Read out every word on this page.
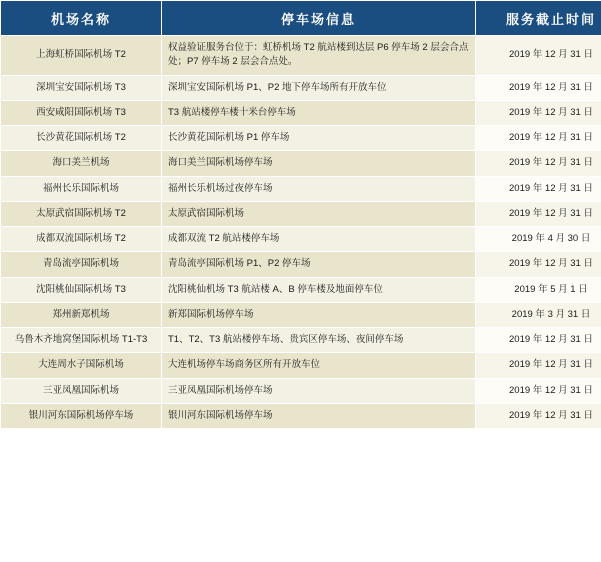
机场名称	停车场信息	服务截止时间
上海虹桥国际机场 T2	权益验证服务台位于：虹桥机场 T2 航站楼到达层 P6 停车场 2 层会合点处；P7 停车场 2 层会合点处。	2019 年 12 月 31 日
深圳宝安国际机场 T3	深圳宝安国际机场 P1、P2 地下停车场所有开放车位	2019 年 12 月 31 日
西安咸阳国际机场 T3	T3 航站楼停车楼十米台停车场	2019 年 12 月 31 日
长沙黄花国际机场 T2	长沙黄花国际机场 P1 停车场	2019 年 12 月 31 日
海口美兰机场	海口美兰国际机场停车场	2019 年 12 月 31 日
福州长乐国际机场	福州长乐机场过夜停车场	2019 年 12 月 31 日
太原武宿国际机场 T2	太原武宿国际机场	2019 年 12 月 31 日
成都双流国际机场 T2	成都双流 T2 航站楼停车场	2019 年 4 月 30 日
青岛流亭国际机场	青岛流亭国际机场 P1、P2 停车场	2019 年 12 月 31 日
沈阳桃仙国际机场 T3	沈阳桃仙机场 T3 航站楼 A、B 停车楼及地面停车位	2019 年 5 月 1 日
郑州新郑机场	新郑国际机场停车场	2019 年 3 月 31 日
乌鲁木齐地窝堡国际机场 T1-T3	T1、T2、T3 航站楼停车场、贵宾区停车场、夜间停车场	2019 年 12 月 31 日
大连周水子国际机场	大连机场停车场商务区所有开放车位	2019 年 12 月 31 日
三亚凤凰国际机场	三亚凤凰国际机场停车场	2019 年 12 月 31 日
银川河东国际机场停车场	银川河东国际机场停车场	2019 年 12 月 31 日
